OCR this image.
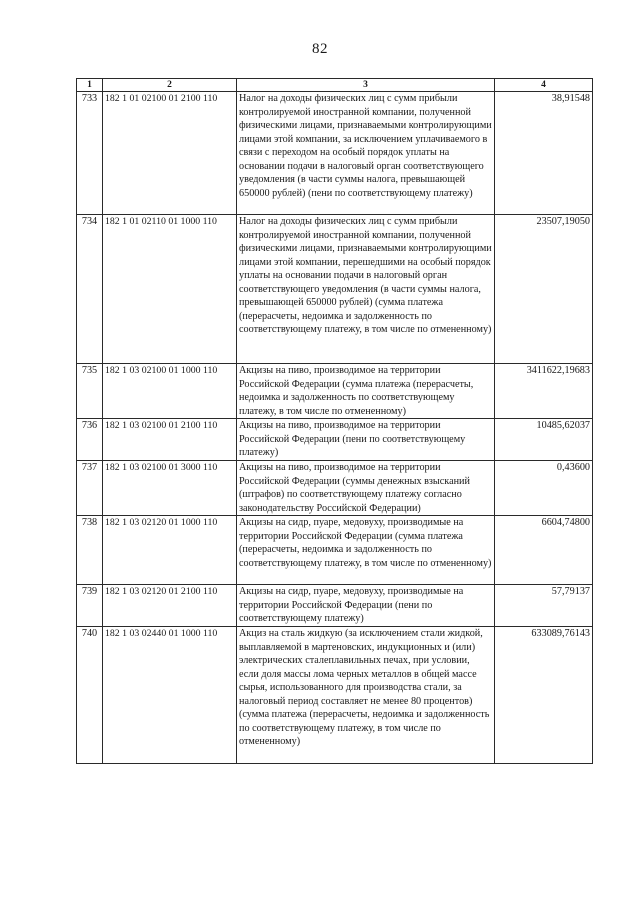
82
1	2	3	4
733	182 1 01 02100 01 2100 110	Налог на доходы физических лиц с сумм прибыли контролируемой иностранной компании, полученной физическими лицами, признаваемыми контролирующими лицами этой компании, за исключением уплачиваемого в связи с переходом на особый порядок уплаты на основании подачи в налоговый орган соответствующего уведомления (в части суммы налога, превышающей 650000 рублей) (пени по соответствующему платежу)	38,91548
734	182 1 01 02110 01 1000 110	Налог на доходы физических лиц с сумм прибыли контролируемой иностранной компании, полученной физическими лицами, признаваемыми контролирующими лицами этой компании, перешедшими на особый порядок уплаты на основании подачи в налоговый орган соответствующего уведомления (в части суммы налога, превышающей 650000 рублей) (сумма платежа (перерасчеты, недоимка и задолженность по соответствующему платежу, в том числе по отмененному)	23507,19050
735	182 1 03 02100 01 1000 110	Акцизы на пиво, производимое на территории Российской Федерации (сумма платежа (перерасчеты, недоимка и задолженность по соответствующему платежу, в том числе по отмененному)	3411622,19683
736	182 1 03 02100 01 2100 110	Акцизы на пиво, производимое на территории Российской Федерации (пени по соответствующему платежу)	10485,62037
737	182 1 03 02100 01 3000 110	Акцизы на пиво, производимое на территории Российской Федерации (суммы денежных взысканий (штрафов) по соответствующему платежу согласно законодательству Российской Федерации)	0,43600
738	182 1 03 02120 01 1000 110	Акцизы на сидр, пуаре, медовуху, производимые на территории Российской Федерации (сумма платежа (перерасчеты, недоимка и задолженность по соответствующему платежу, в том числе по отмененному)	6604,74800
739	182 1 03 02120 01 2100 110	Акцизы на сидр, пуаре, медовуху, производимые на территории Российской Федерации (пени по соответствующему платежу)	57,79137
740	182 1 03 02440 01 1000 110	Акциз на сталь жидкую (за исключением стали жидкой, выплавляемой в мартеновских, индукционных и (или) электрических сталеплавильных печах, при условии, если доля массы лома черных металлов в общей массе сырья, использованного для производства стали, за налоговый период составляет не менее 80 процентов) (сумма платежа (перерасчеты, недоимка и задолженность по соответствующему платежу, в том числе по отмененному)	633089,76143
